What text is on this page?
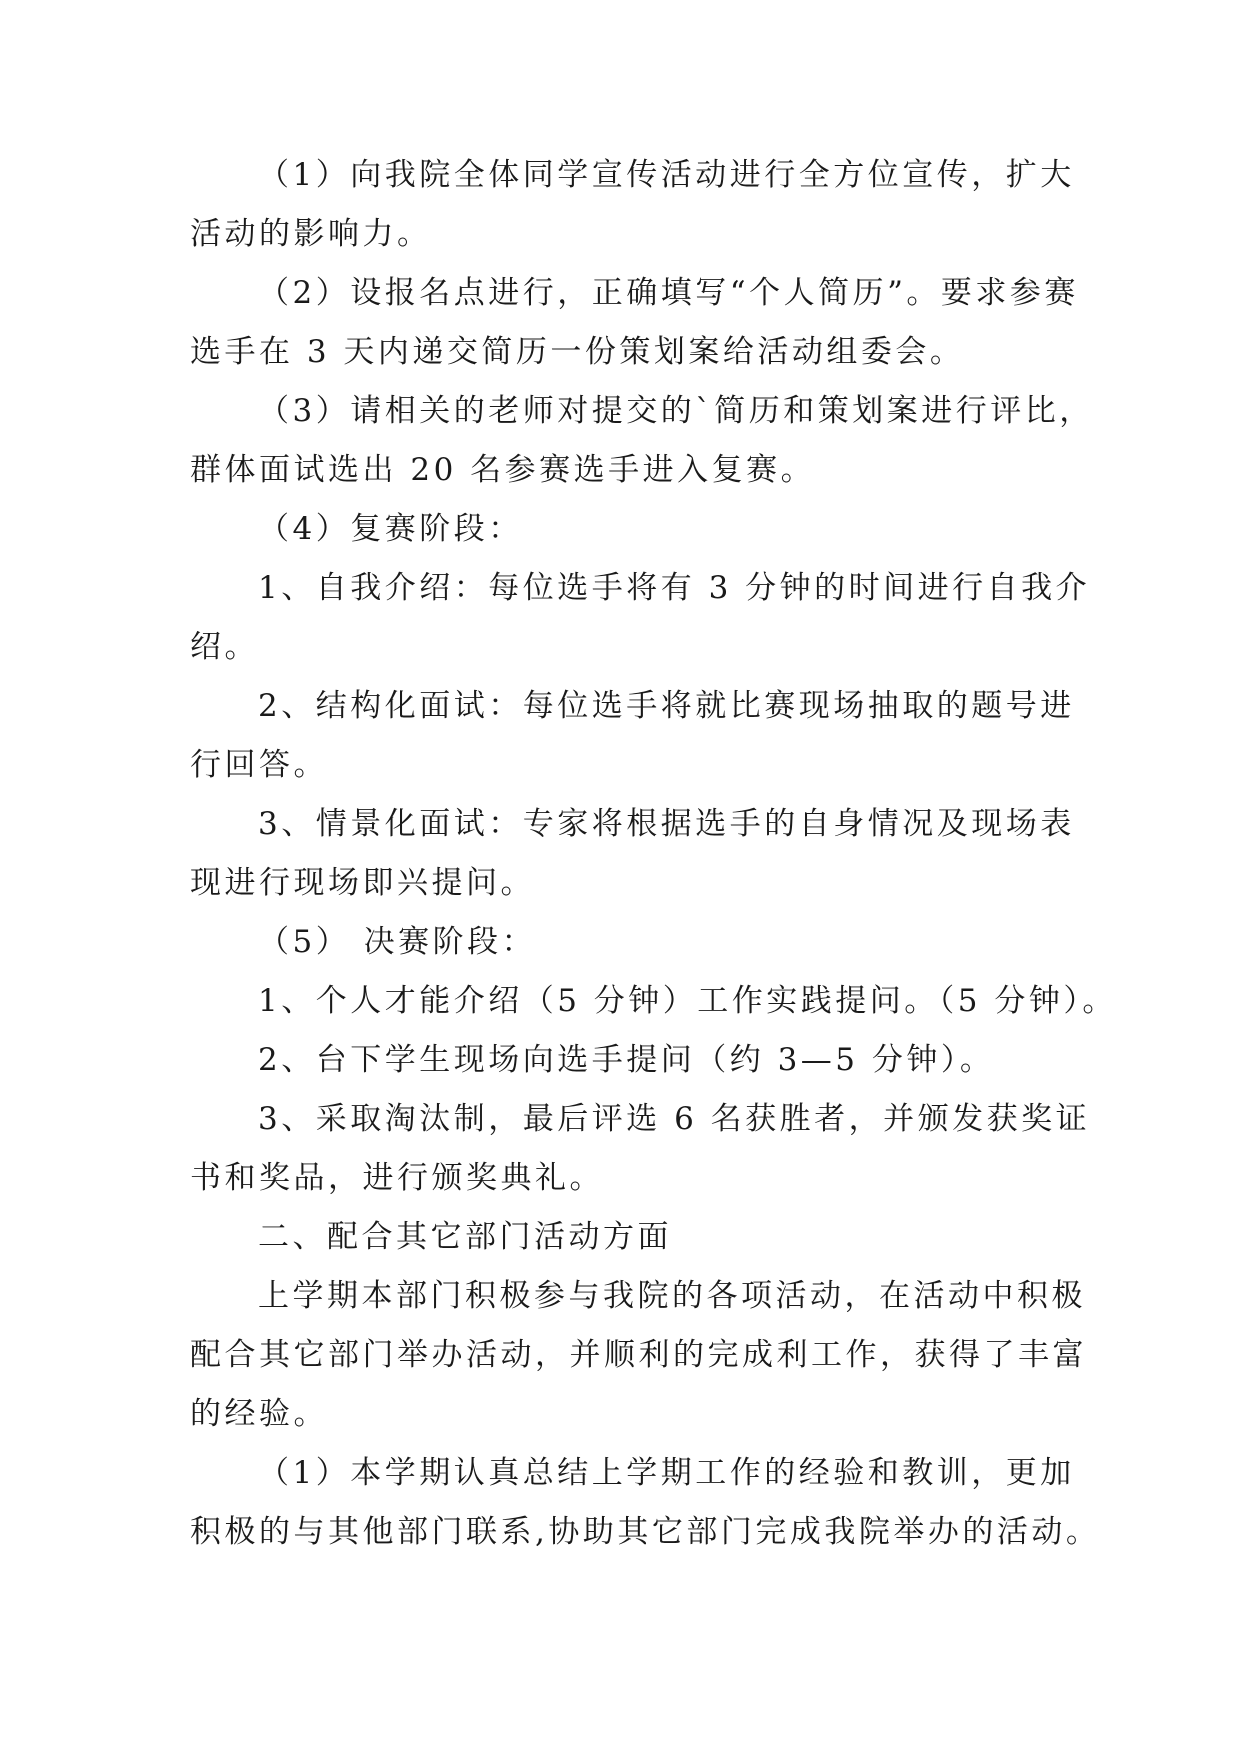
（1）向我院全体同学宣传活动进行全方位宣传，扩大
活动的影响力。
（2）设报名点进行，正确填写“个人简历”。要求参赛
选手在 3 天内递交简历一份策划案给活动组委会。
（3）请相关的老师对提交的`简历和策划案进行评比，
群体面试选出 20 名参赛选手进入复赛。
（4）复赛阶段：
1、自我介绍：每位选手将有 3 分钟的时间进行自我介
绍。
2、结构化面试：每位选手将就比赛现场抽取的题号进
行回答。
3、情景化面试：专家将根据选手的自身情况及现场表
现进行现场即兴提问。
（5） 决赛阶段：
1、个人才能介绍（5 分钟）工作实践提问。（5 分钟）。
2、台下学生现场向选手提问（约 3—5 分钟）。
3、采取淘汰制，最后评选 6 名获胜者，并颁发获奖证
书和奖品，进行颁奖典礼。
二、配合其它部门活动方面
上学期本部门积极参与我院的各项活动，在活动中积极
配合其它部门举办活动，并顺利的完成利工作，获得了丰富
的经验。
（1）本学期认真总结上学期工作的经验和教训，更加
积极的与其他部门联系,协助其它部门完成我院举办的活动。
